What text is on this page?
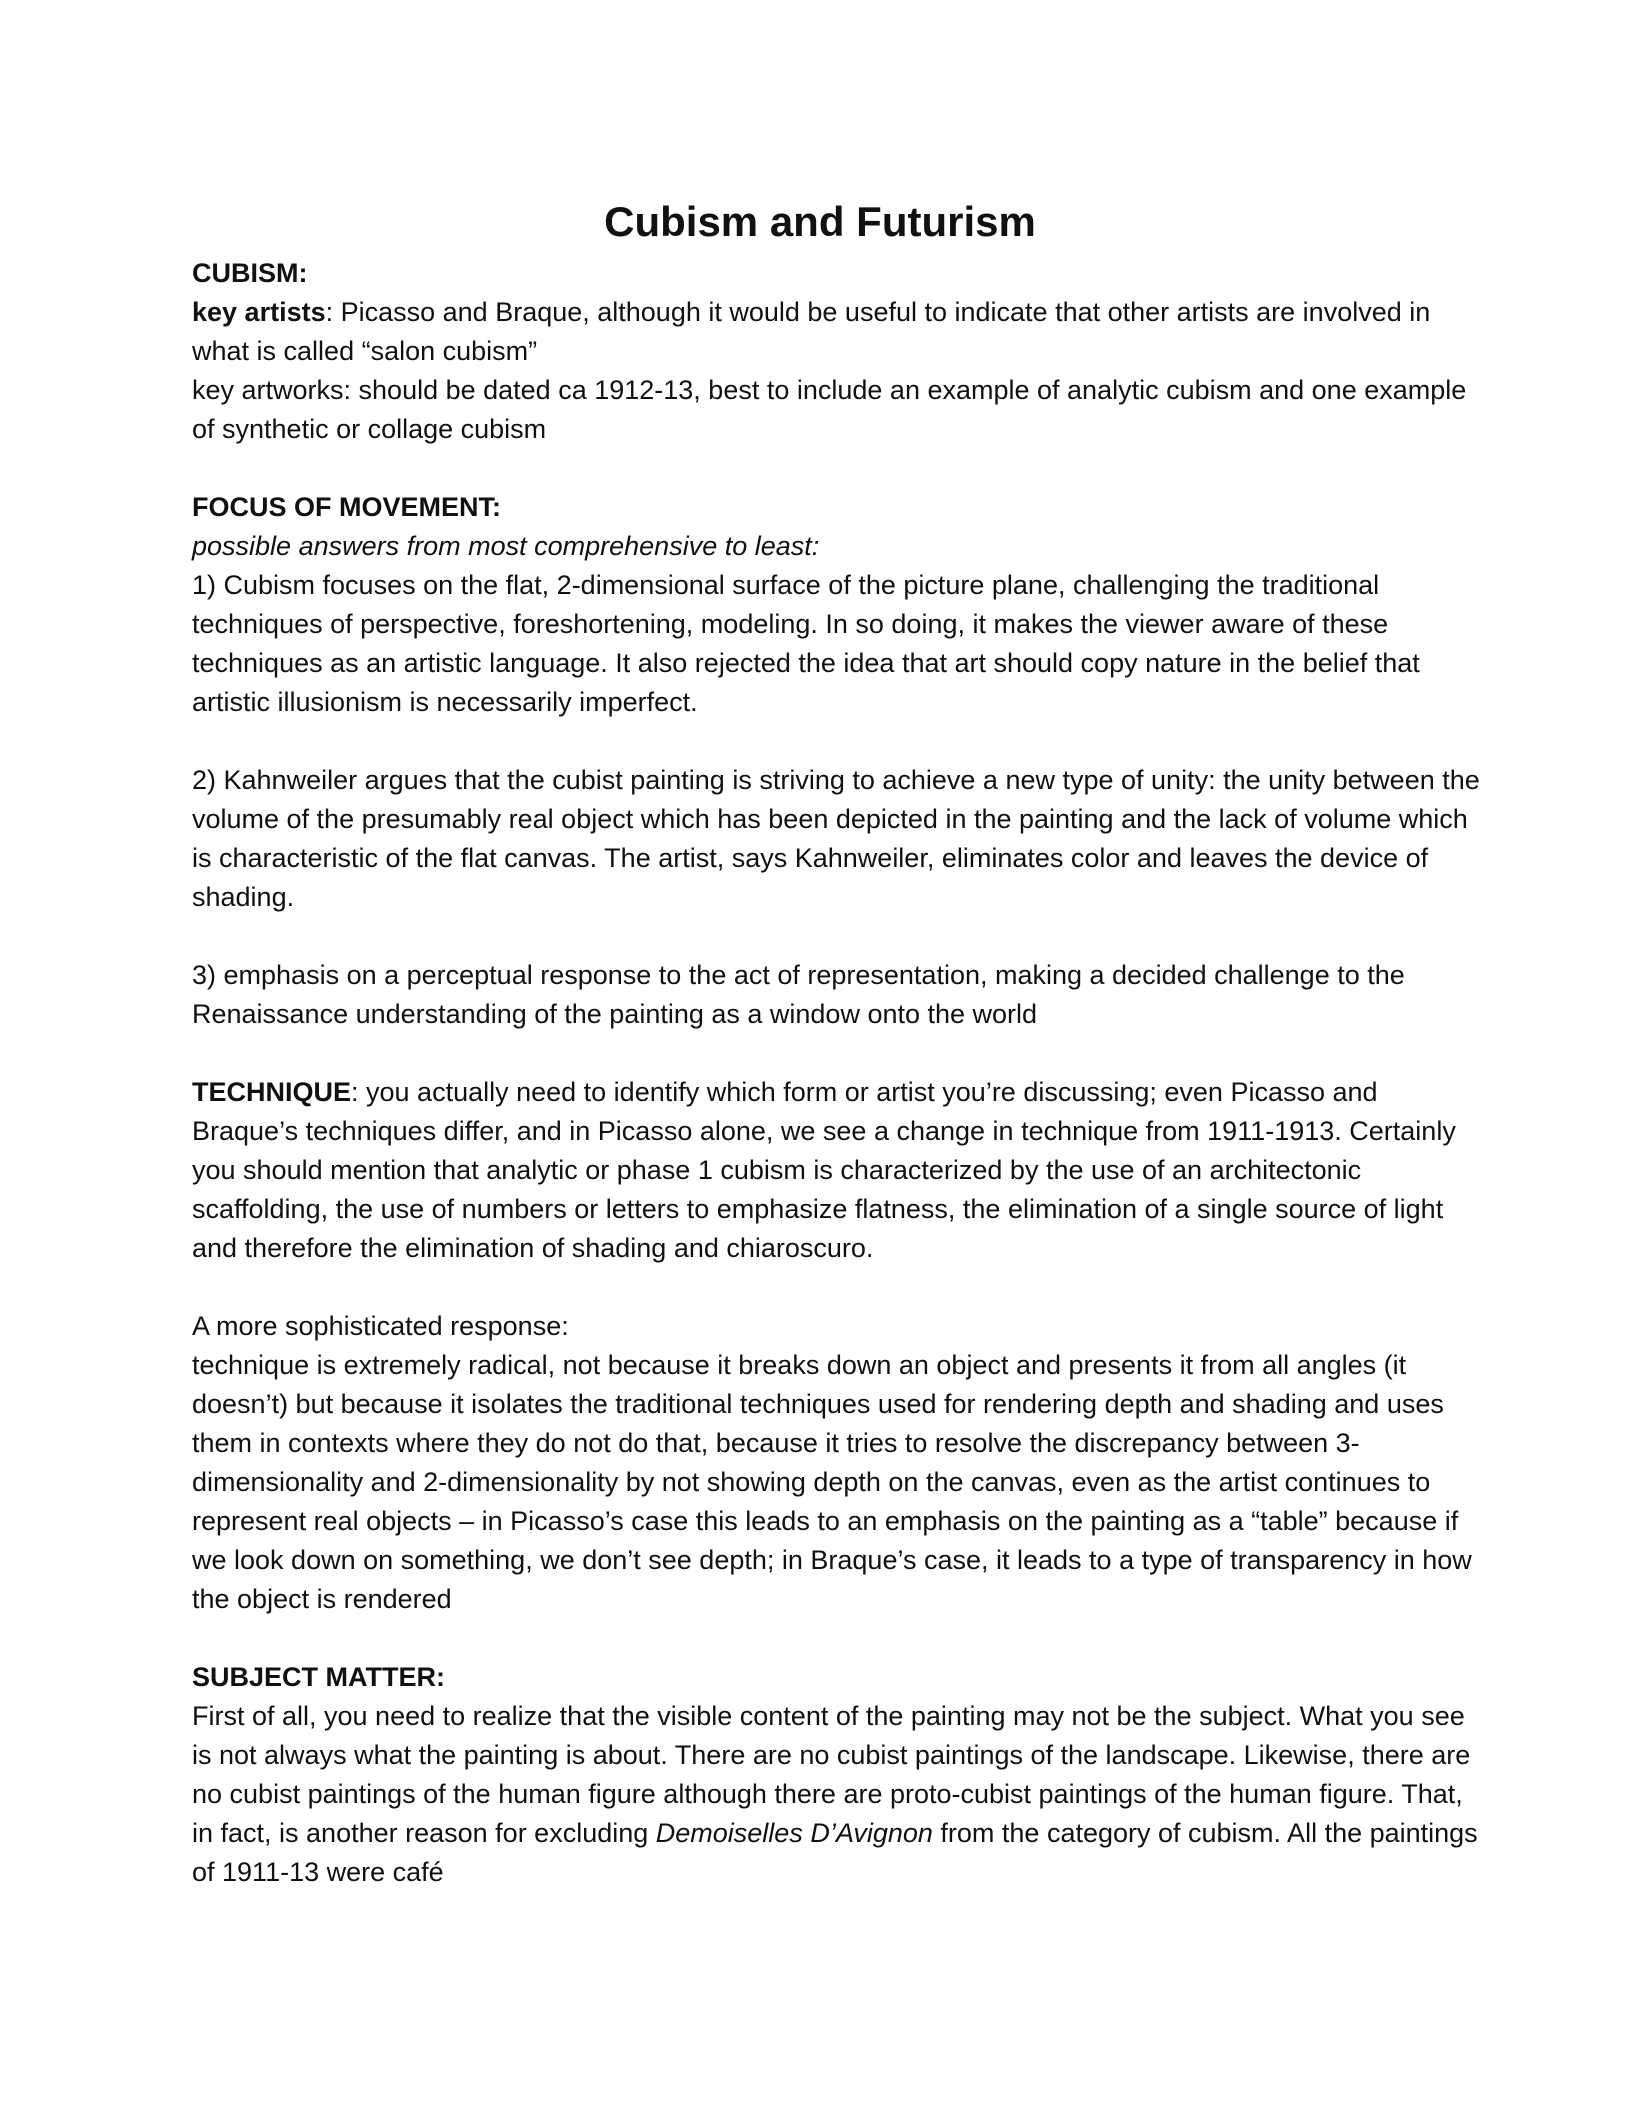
Cubism and Futurism

CUBISM:

key artists: Picasso and Braque, although it would be useful to indicate that other artists are involved in what is called “salon cubism”

key artworks: should be dated ca 1912-13, best to include an example of analytic cubism and one example of synthetic or collage cubism

FOCUS OF MOVEMENT:

possible answers from most comprehensive to least:

1) Cubism focuses on the flat, 2-dimensional surface of the picture plane, challenging the traditional techniques of perspective, foreshortening, modeling. In so doing, it makes the viewer aware of these techniques as an artistic language. It also rejected the idea that art should copy nature in the belief that artistic illusionism is necessarily imperfect.

2) Kahnweiler argues that the cubist painting is striving to achieve a new type of unity: the unity between the volume of the presumably real object which has been depicted in the painting and the lack of volume which is characteristic of the flat canvas. The artist, says Kahnweiler, eliminates color and leaves the device of shading.

3) emphasis on a perceptual response to the act of representation, making a decided challenge to the Renaissance understanding of the painting as a window onto the world

TECHNIQUE: you actually need to identify which form or artist you’re discussing; even Picasso and Braque’s techniques differ, and in Picasso alone, we see a change in technique from 1911-1913. Certainly you should mention that analytic or phase 1 cubism is characterized by the use of an architectonic scaffolding, the use of numbers or letters to emphasize flatness, the elimination of a single source of light and therefore the elimination of shading and chiaroscuro.

A more sophisticated response:

technique is extremely radical, not because it breaks down an object and presents it from all angles (it doesn’t) but because it isolates the traditional techniques used for rendering depth and shading and uses them in contexts where they do not do that, because it tries to resolve the discrepancy between 3-dimensionality and 2-dimensionality by not showing depth on the canvas, even as the artist continues to represent real objects – in Picasso’s case this leads to an emphasis on the painting as a “table” because if we look down on something, we don’t see depth; in Braque’s case, it leads to a type of transparency in how the object is rendered

SUBJECT MATTER:

First of all, you need to realize that the visible content of the painting may not be the subject. What you see is not always what the painting is about. There are no cubist paintings of the landscape. Likewise, there are no cubist paintings of the human figure although there are proto-cubist paintings of the human figure. That, in fact, is another reason for excluding Demoiselles D’Avignon from the category of cubism. All the paintings of 1911-13 were café
